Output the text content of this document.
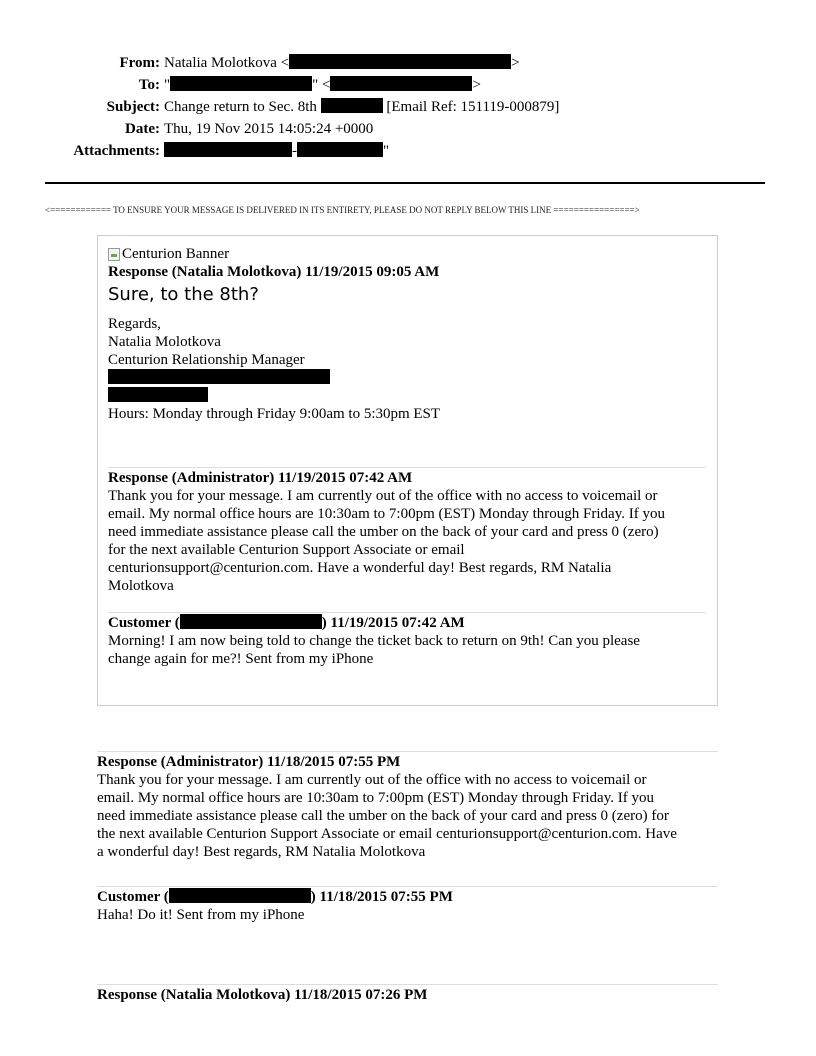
From: Natalia Molotkova <	>
To: "	" <	>
Subject: Change return to Sec. 8th	[Email Ref: 151119-000879]
Date: Thu, 19 Nov 2015 14:05:24 +0000
Attachments:	-	"
<============ TO ENSURE YOUR MESSAGE IS DELIVERED IN ITS ENTIRETY, PLEASE DO NOT REPLY BELOW THIS LINE ================>
Centurion Banner
Response (Natalia Molotkova) 11/19/2015 09:05 AM
Sure, to the 8th?
Regards,
Natalia Molotkova
Centurion Relationship Manager
Hours: Monday through Friday 9:00am to 5:30pm EST
Response (Administrator) 11/19/2015 07:42 AM
Thank you for your message. I am currently out of the office with no access to voicemail or
email. My normal office hours are 10:30am to 7:00pm (EST) Monday through Friday. If you
need immediate assistance please call the umber on the back of your card and press 0 (zero)
for the next available Centurion Support Associate or email
centurionsupport@centurion.com. Have a wonderful day! Best regards, RM Natalia
Molotkova
Customer (	) 11/19/2015 07:42 AM
Morning! I am now being told to change the ticket back to return on 9th! Can you please
change again for me?! Sent from my iPhone
Response (Administrator) 11/18/2015 07:55 PM
Thank you for your message. I am currently out of the office with no access to voicemail or
email. My normal office hours are 10:30am to 7:00pm (EST) Monday through Friday. If you
need immediate assistance please call the umber on the back of your card and press 0 (zero) for
the next available Centurion Support Associate or email centurionsupport@centurion.com. Have
a wonderful day! Best regards, RM Natalia Molotkova
Customer (	) 11/18/2015 07:55 PM
Haha! Do it! Sent from my iPhone
Response (Natalia Molotkova) 11/18/2015 07:26 PM
